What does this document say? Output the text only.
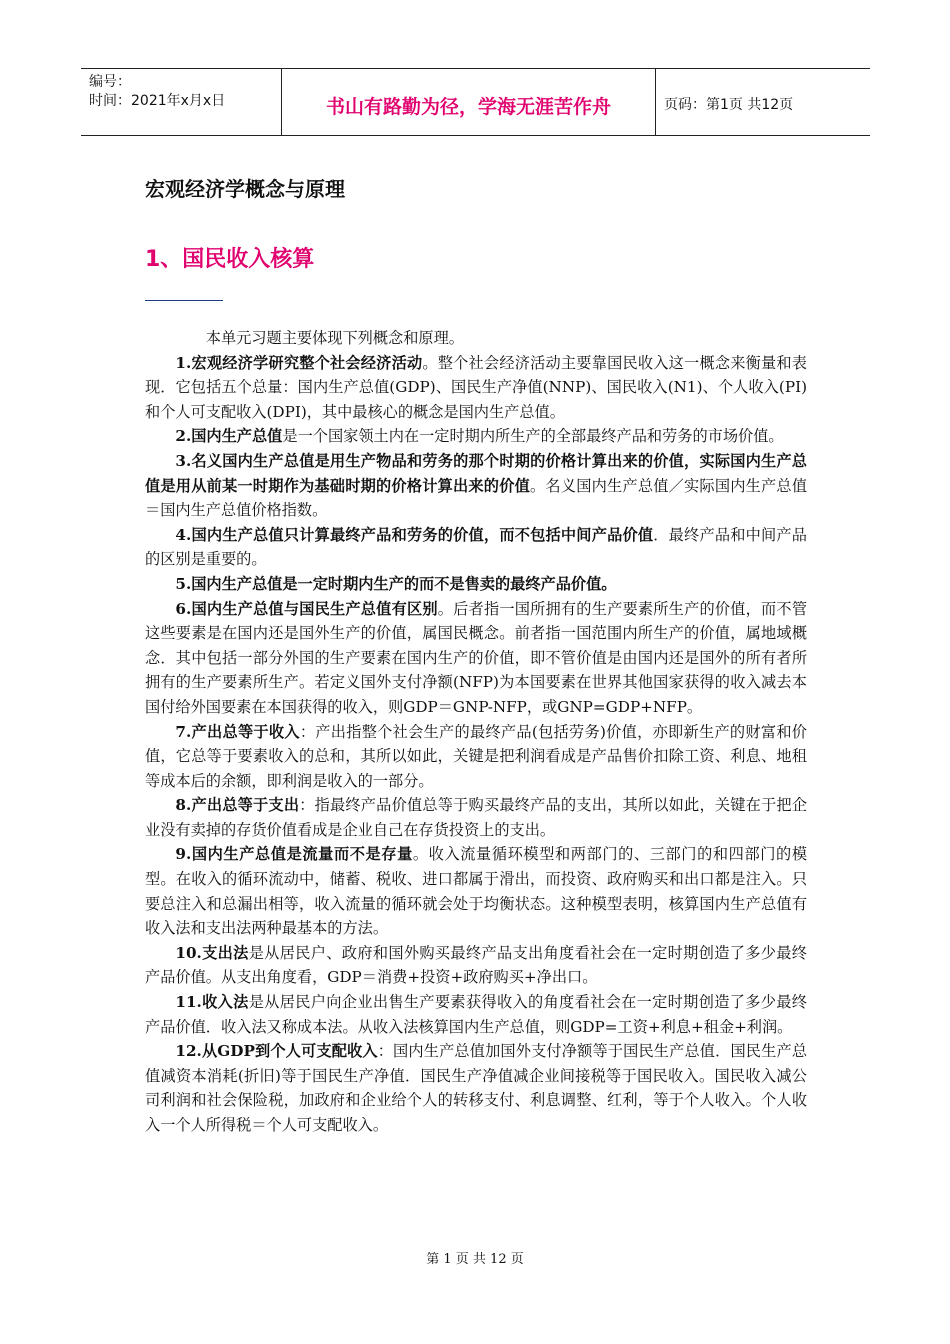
编号：
时间：2021年x月x日	书山有路勤为径，学海无涯苦作舟	页码：第1页 共12页
宏观经济学概念与原理
1、国民收入核算

本单元习题主要体现下列概念和原理。

1.宏观经济学研究整个社会经济活动。整个社会经济活动主要靠国民收入这一概念来衡量和表现．它包括五个总量：国内生产总值(GDP)、国民生产净值(NNP)、国民收入(N1)、个人收入(PI)和个人可支配收入(DPI)，其中最核心的概念是国内生产总值。

2.国内生产总值是一个国家领土内在一定时期内所生产的全部最终产品和劳务的市场价值。

3.名义国内生产总值是用生产物品和劳务的那个时期的价格计算出来的价值，实际国内生产总值是用从前某一时期作为基础时期的价格计算出来的价值。名义国内生产总值／实际国内生产总值＝国内生产总值价格指数。

4.国内生产总值只计算最终产品和劳务的价值，而不包括中间产品价值．最终产品和中间产品的区别是重要的。

5.国内生产总值是一定时期内生产的而不是售卖的最终产品价值。

6.国内生产总值与国民生产总值有区别。后者指一国所拥有的生产要素所生产的价值，而不管这些要素是在国内还是国外生产的价值，属国民概念。前者指一国范围内所生产的价值，属地域概念．其中包括一部分外国的生产要素在国内生产的价值，即不管价值是由国内还是国外的所有者所拥有的生产要素所生产。若定义国外支付净额(NFP)为本国要素在世界其他国家获得的收入减去本国付给外国要素在本国获得的收入，则GDP＝GNP-NFP，或GNP=GDP+NFP。

7.产出总等于收入：产出指整个社会生产的最终产品(包括劳务)价值，亦即新生产的财富和价值，它总等于要素收入的总和，其所以如此，关键是把利润看成是产品售价扣除工资、利息、地租等成本后的余额，即利润是收入的一部分。

8.产出总等于支出：指最终产品价值总等于购买最终产品的支出，其所以如此，关键在于把企业没有卖掉的存货价值看成是企业自己在存货投资上的支出。

9.国内生产总值是流量而不是存量。收入流量循环模型和两部门的、三部门的和四部门的模型。在收入的循环流动中，储蓄、税收、进口都属于滑出，而投资、政府购买和出口都是注入。只要总注入和总漏出相等，收入流量的循环就会处于均衡状态。这种模型表明，核算国内生产总值有收入法和支出法两种最基本的方法。

10.支出法是从居民户、政府和国外购买最终产品支出角度看社会在一定时期创造了多少最终产品价值。从支出角度看，GDP＝消费+投资+政府购买+净出口。

11.收入法是从居民户向企业出售生产要素获得收入的角度看社会在一定时期创造了多少最终产品价值．收入法又称成本法。从收入法核算国内生产总值，则GDP=工资+利息+租金+利润。

12.从GDP到个人可支配收入：国内生产总值加国外支付净额等于国民生产总值．国民生产总值减资本消耗(折旧)等于国民生产净值．国民生产净值减企业间接税等于国民收入。国民收入减公司利润和社会保险税，加政府和企业给个人的转移支付、利息调整、红利，等于个人收入。个人收入一个人所得税＝个人可支配收入。

第 1 页 共 12 页
